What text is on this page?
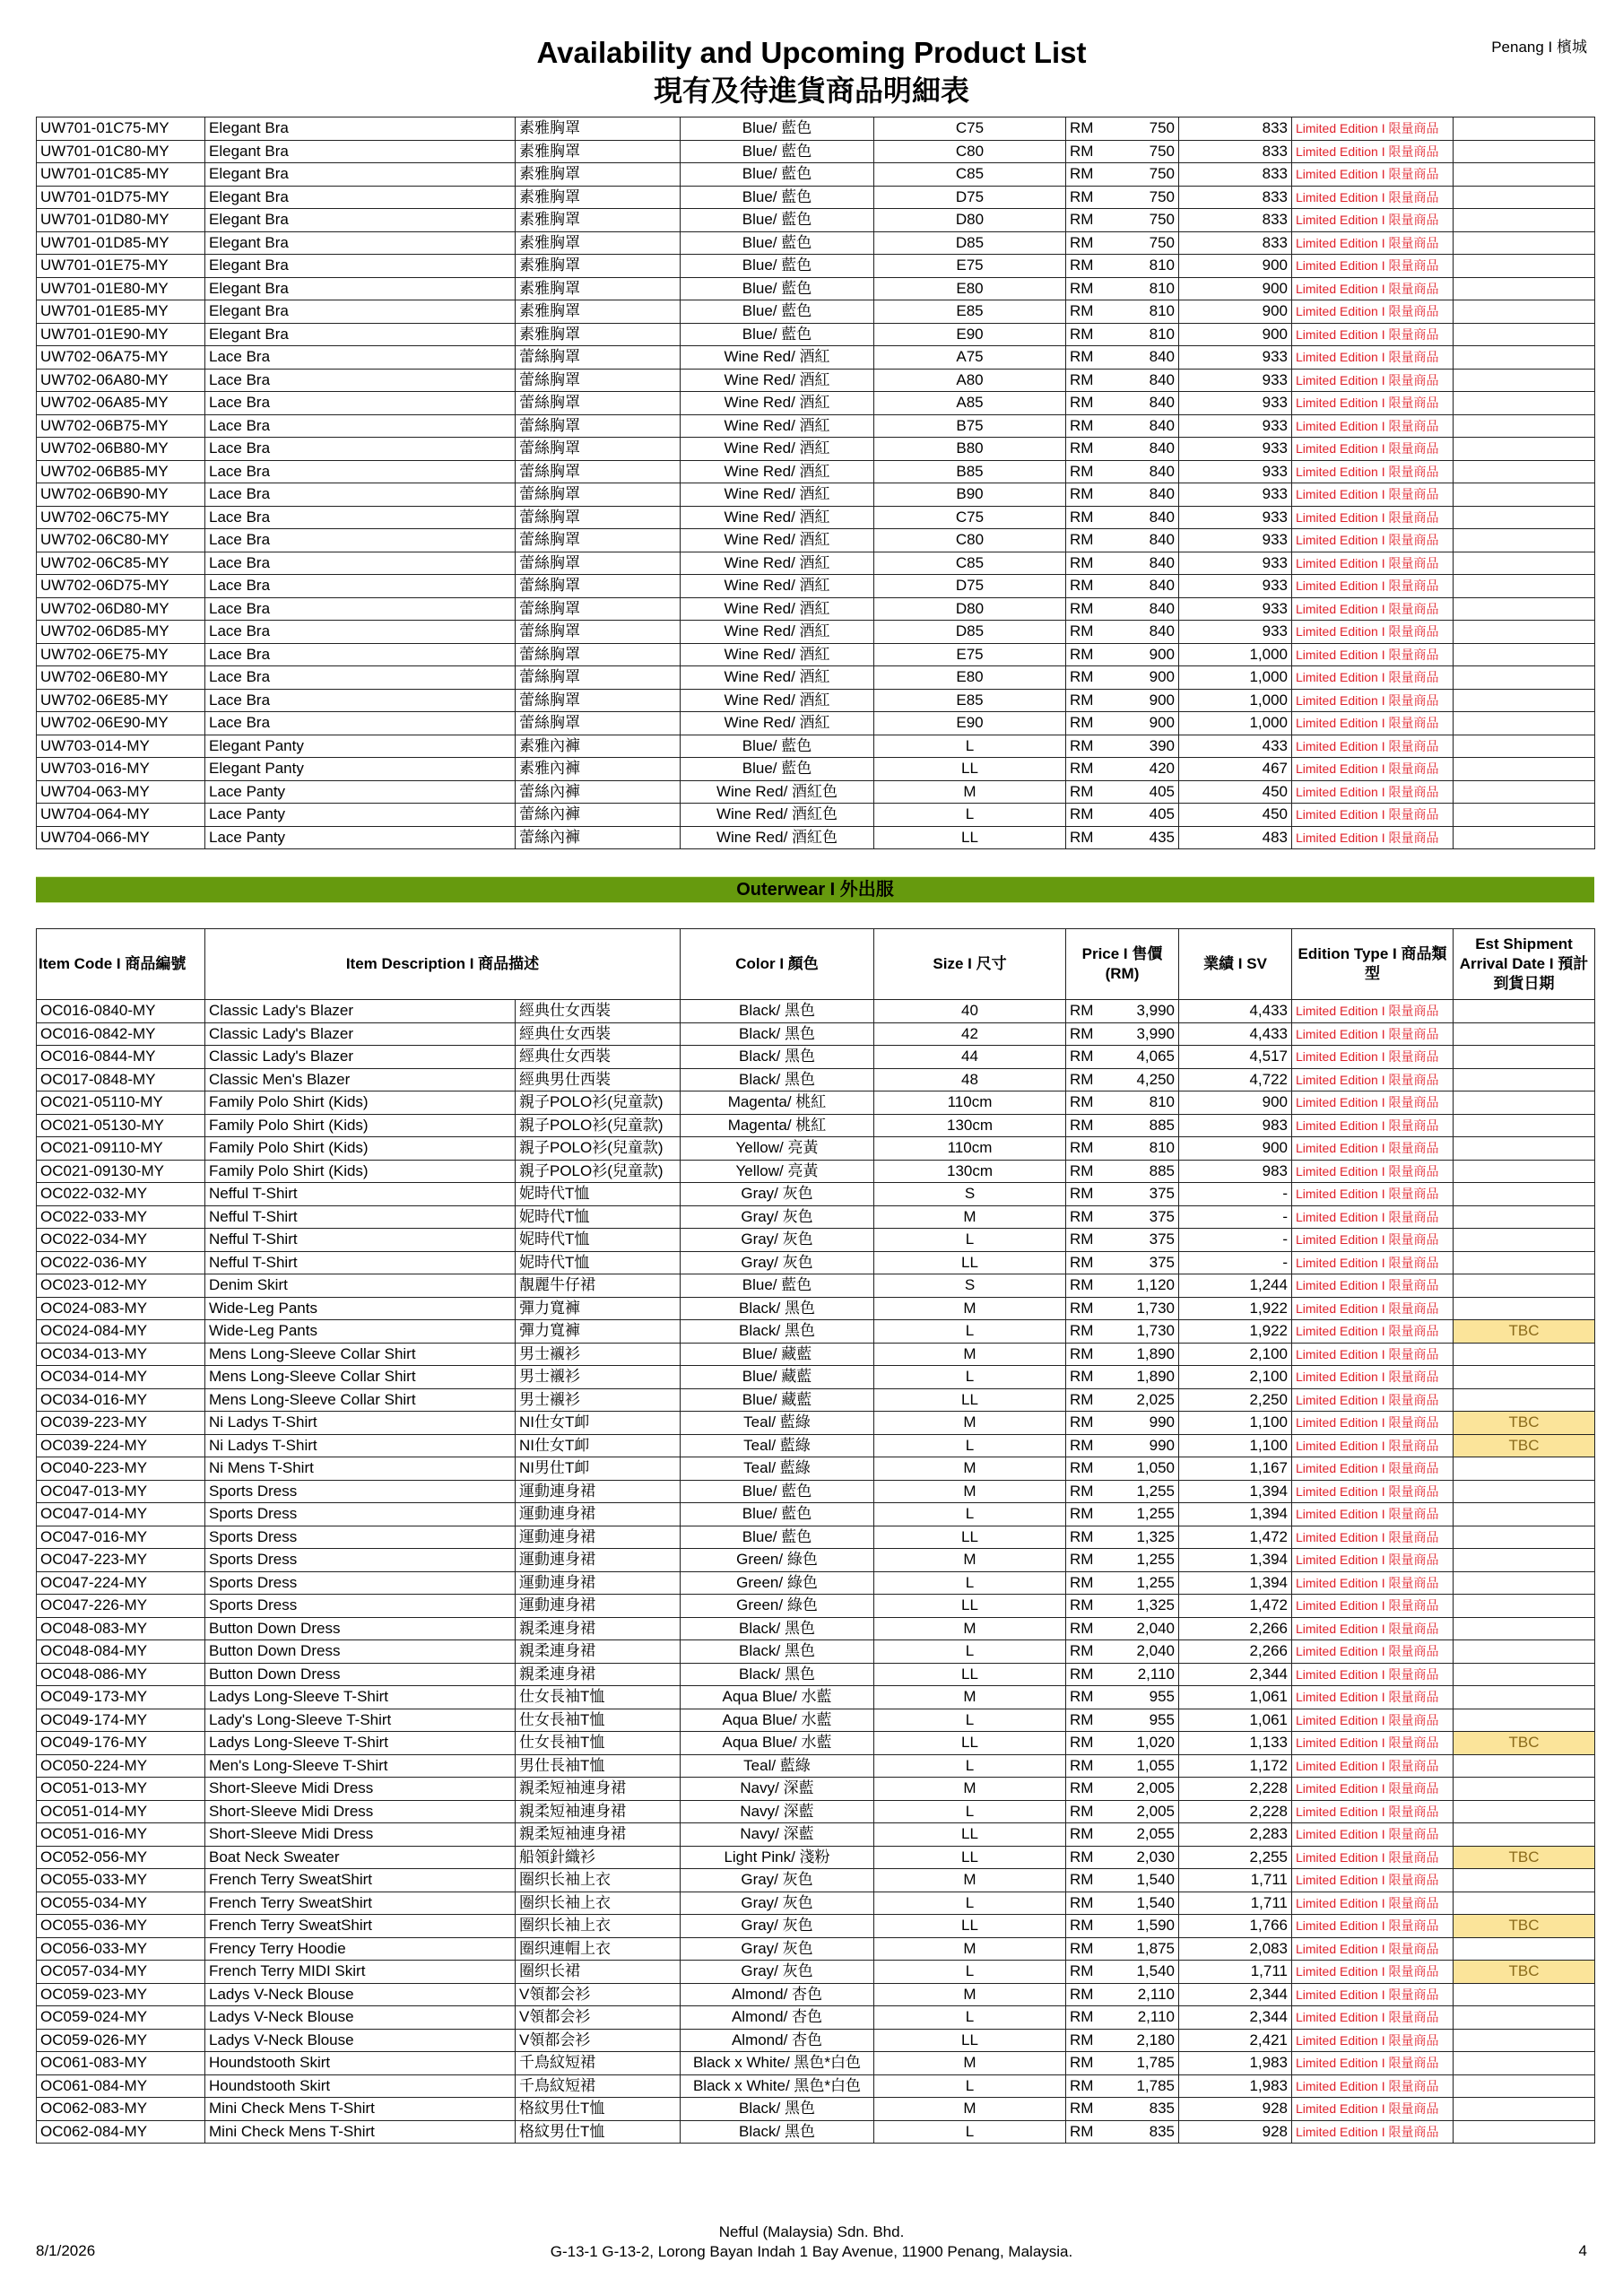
Availability and Upcoming Product List
現有及待進貨商品明細表
Penang I 檳城
UW701-01C75-MY	Elegant Bra	素雅胸罩	Blue/ 藍色	C75	RM	750	833	Limited Edition I 限量商品	
UW701-01C80-MY	Elegant Bra	素雅胸罩	Blue/ 藍色	C80	RM	750	833	Limited Edition I 限量商品	
UW701-01C85-MY	Elegant Bra	素雅胸罩	Blue/ 藍色	C85	RM	750	833	Limited Edition I 限量商品	
UW701-01D75-MY	Elegant Bra	素雅胸罩	Blue/ 藍色	D75	RM	750	833	Limited Edition I 限量商品	
UW701-01D80-MY	Elegant Bra	素雅胸罩	Blue/ 藍色	D80	RM	750	833	Limited Edition I 限量商品	
UW701-01D85-MY	Elegant Bra	素雅胸罩	Blue/ 藍色	D85	RM	750	833	Limited Edition I 限量商品	
UW701-01E75-MY	Elegant Bra	素雅胸罩	Blue/ 藍色	E75	RM	810	900	Limited Edition I 限量商品	
UW701-01E80-MY	Elegant Bra	素雅胸罩	Blue/ 藍色	E80	RM	810	900	Limited Edition I 限量商品	
UW701-01E85-MY	Elegant Bra	素雅胸罩	Blue/ 藍色	E85	RM	810	900	Limited Edition I 限量商品	
UW701-01E90-MY	Elegant Bra	素雅胸罩	Blue/ 藍色	E90	RM	810	900	Limited Edition I 限量商品	
UW702-06A75-MY	Lace Bra	蕾絲胸罩	Wine Red/ 酒紅	A75	RM	840	933	Limited Edition I 限量商品	
UW702-06A80-MY	Lace Bra	蕾絲胸罩	Wine Red/ 酒紅	A80	RM	840	933	Limited Edition I 限量商品	
UW702-06A85-MY	Lace Bra	蕾絲胸罩	Wine Red/ 酒紅	A85	RM	840	933	Limited Edition I 限量商品	
UW702-06B75-MY	Lace Bra	蕾絲胸罩	Wine Red/ 酒紅	B75	RM	840	933	Limited Edition I 限量商品	
UW702-06B80-MY	Lace Bra	蕾絲胸罩	Wine Red/ 酒紅	B80	RM	840	933	Limited Edition I 限量商品	
UW702-06B85-MY	Lace Bra	蕾絲胸罩	Wine Red/ 酒紅	B85	RM	840	933	Limited Edition I 限量商品	
UW702-06B90-MY	Lace Bra	蕾絲胸罩	Wine Red/ 酒紅	B90	RM	840	933	Limited Edition I 限量商品	
UW702-06C75-MY	Lace Bra	蕾絲胸罩	Wine Red/ 酒紅	C75	RM	840	933	Limited Edition I 限量商品	
UW702-06C80-MY	Lace Bra	蕾絲胸罩	Wine Red/ 酒紅	C80	RM	840	933	Limited Edition I 限量商品	
UW702-06C85-MY	Lace Bra	蕾絲胸罩	Wine Red/ 酒紅	C85	RM	840	933	Limited Edition I 限量商品	
UW702-06D75-MY	Lace Bra	蕾絲胸罩	Wine Red/ 酒紅	D75	RM	840	933	Limited Edition I 限量商品	
UW702-06D80-MY	Lace Bra	蕾絲胸罩	Wine Red/ 酒紅	D80	RM	840	933	Limited Edition I 限量商品	
UW702-06D85-MY	Lace Bra	蕾絲胸罩	Wine Red/ 酒紅	D85	RM	840	933	Limited Edition I 限量商品	
UW702-06E75-MY	Lace Bra	蕾絲胸罩	Wine Red/ 酒紅	E75	RM	900	1,000	Limited Edition I 限量商品	
UW702-06E80-MY	Lace Bra	蕾絲胸罩	Wine Red/ 酒紅	E80	RM	900	1,000	Limited Edition I 限量商品	
UW702-06E85-MY	Lace Bra	蕾絲胸罩	Wine Red/ 酒紅	E85	RM	900	1,000	Limited Edition I 限量商品	
UW702-06E90-MY	Lace Bra	蕾絲胸罩	Wine Red/ 酒紅	E90	RM	900	1,000	Limited Edition I 限量商品	
UW703-014-MY	Elegant Panty	素雅內褲	Blue/ 藍色	L	RM	390	433	Limited Edition I 限量商品	
UW703-016-MY	Elegant Panty	素雅內褲	Blue/ 藍色	LL	RM	420	467	Limited Edition I 限量商品	
UW704-063-MY	Lace Panty	蕾絲內褲	Wine Red/ 酒紅色	M	RM	405	450	Limited Edition I 限量商品	
UW704-064-MY	Lace Panty	蕾絲內褲	Wine Red/ 酒紅色	L	RM	405	450	Limited Edition I 限量商品	
UW704-066-MY	Lace Panty	蕾絲內褲	Wine Red/ 酒紅色	LL	RM	435	483	Limited Edition I 限量商品	
Outerwear I 外出服
Item Code I 商品編號	Item Description I 商品描述		Color I 顏色	Size I 尺寸	Price I 售價 (RM)		業績 I SV	Edition Type I 商品類型	Est Shipment Arrival Date I 預計到貨日期
OC016-0840-MY	Classic Lady's Blazer	經典仕女西裝	Black/ 黑色	40	RM	3,990	4,433	Limited Edition I 限量商品	
OC016-0842-MY	Classic Lady's Blazer	經典仕女西裝	Black/ 黑色	42	RM	3,990	4,433	Limited Edition I 限量商品	
OC016-0844-MY	Classic Lady's Blazer	經典仕女西裝	Black/ 黑色	44	RM	4,065	4,517	Limited Edition I 限量商品	
OC017-0848-MY	Classic Men's Blazer	經典男仕西裝	Black/ 黑色	48	RM	4,250	4,722	Limited Edition I 限量商品	
OC021-05110-MY	Family Polo Shirt (Kids)	親子POLO衫(兒童款)	Magenta/ 桃紅	110cm	RM	810	900	Limited Edition I 限量商品	
OC021-05130-MY	Family Polo Shirt (Kids)	親子POLO衫(兒童款)	Magenta/ 桃紅	130cm	RM	885	983	Limited Edition I 限量商品	
OC021-09110-MY	Family Polo Shirt (Kids)	親子POLO衫(兒童款)	Yellow/ 亮黃	110cm	RM	810	900	Limited Edition I 限量商品	
OC021-09130-MY	Family Polo Shirt (Kids)	親子POLO衫(兒童款)	Yellow/ 亮黃	130cm	RM	885	983	Limited Edition I 限量商品	
OC022-032-MY	Nefful T-Shirt	妮時代T恤	Gray/ 灰色	S	RM	375	-	Limited Edition I 限量商品	
OC022-033-MY	Nefful T-Shirt	妮時代T恤	Gray/ 灰色	M	RM	375	-	Limited Edition I 限量商品	
OC022-034-MY	Nefful T-Shirt	妮時代T恤	Gray/ 灰色	L	RM	375	-	Limited Edition I 限量商品	
OC022-036-MY	Nefful T-Shirt	妮時代T恤	Gray/ 灰色	LL	RM	375	-	Limited Edition I 限量商品	
OC023-012-MY	Denim Skirt	靚麗牛仔裙	Blue/ 藍色	S	RM	1,120	1,244	Limited Edition I 限量商品	
OC024-083-MY	Wide-Leg Pants	彈力寬褲	Black/ 黑色	M	RM	1,730	1,922	Limited Edition I 限量商品	
OC024-084-MY	Wide-Leg Pants	彈力寬褲	Black/ 黑色	L	RM	1,730	1,922	Limited Edition I 限量商品	TBC
OC034-013-MY	Mens Long-Sleeve Collar Shirt	男士襯衫	Blue/ 藏藍	M	RM	1,890	2,100	Limited Edition I 限量商品	
OC034-014-MY	Mens Long-Sleeve Collar Shirt	男士襯衫	Blue/ 藏藍	L	RM	1,890	2,100	Limited Edition I 限量商品	
OC034-016-MY	Mens Long-Sleeve Collar Shirt	男士襯衫	Blue/ 藏藍	LL	RM	2,025	2,250	Limited Edition I 限量商品	
OC039-223-MY	Ni Ladys T-Shirt	NI仕女T卹	Teal/ 藍綠	M	RM	990	1,100	Limited Edition I 限量商品	TBC
OC039-224-MY	Ni Ladys T-Shirt	NI仕女T卹	Teal/ 藍綠	L	RM	990	1,100	Limited Edition I 限量商品	TBC
OC040-223-MY	Ni Mens T-Shirt	NI男仕T卹	Teal/ 藍綠	M	RM	1,050	1,167	Limited Edition I 限量商品	
OC047-013-MY	Sports Dress	運動連身裙	Blue/ 藍色	M	RM	1,255	1,394	Limited Edition I 限量商品	
OC047-014-MY	Sports Dress	運動連身裙	Blue/ 藍色	L	RM	1,255	1,394	Limited Edition I 限量商品	
OC047-016-MY	Sports Dress	運動連身裙	Blue/ 藍色	LL	RM	1,325	1,472	Limited Edition I 限量商品	
OC047-223-MY	Sports Dress	運動連身裙	Green/ 綠色	M	RM	1,255	1,394	Limited Edition I 限量商品	
OC047-224-MY	Sports Dress	運動連身裙	Green/ 綠色	L	RM	1,255	1,394	Limited Edition I 限量商品	
OC047-226-MY	Sports Dress	運動連身裙	Green/ 綠色	LL	RM	1,325	1,472	Limited Edition I 限量商品	
OC048-083-MY	Button Down Dress	親柔連身裙	Black/ 黑色	M	RM	2,040	2,266	Limited Edition I 限量商品	
OC048-084-MY	Button Down Dress	親柔連身裙	Black/ 黑色	L	RM	2,040	2,266	Limited Edition I 限量商品	
OC048-086-MY	Button Down Dress	親柔連身裙	Black/ 黑色	LL	RM	2,110	2,344	Limited Edition I 限量商品	
OC049-173-MY	Ladys Long-Sleeve T-Shirt	仕女長袖T恤	Aqua Blue/ 水藍	M	RM	955	1,061	Limited Edition I 限量商品	
OC049-174-MY	Lady's Long-Sleeve T-Shirt	仕女長袖T恤	Aqua Blue/ 水藍	L	RM	955	1,061	Limited Edition I 限量商品	
OC049-176-MY	Ladys Long-Sleeve T-Shirt	仕女長袖T恤	Aqua Blue/ 水藍	LL	RM	1,020	1,133	Limited Edition I 限量商品	TBC
OC050-224-MY	Men's Long-Sleeve T-Shirt	男仕長袖T恤	Teal/ 藍綠	L	RM	1,055	1,172	Limited Edition I 限量商品	
OC051-013-MY	Short-Sleeve Midi Dress	親柔短袖連身裙	Navy/ 深藍	M	RM	2,005	2,228	Limited Edition I 限量商品	
OC051-014-MY	Short-Sleeve Midi Dress	親柔短袖連身裙	Navy/ 深藍	L	RM	2,005	2,228	Limited Edition I 限量商品	
OC051-016-MY	Short-Sleeve Midi Dress	親柔短袖連身裙	Navy/ 深藍	LL	RM	2,055	2,283	Limited Edition I 限量商品	
OC052-056-MY	Boat Neck Sweater	船領針織衫	Light Pink/ 淺粉	LL	RM	2,030	2,255	Limited Edition I 限量商品	TBC
OC055-033-MY	French Terry SweatShirt	圈织长袖上衣	Gray/ 灰色	M	RM	1,540	1,711	Limited Edition I 限量商品	
OC055-034-MY	French Terry SweatShirt	圈织长袖上衣	Gray/ 灰色	L	RM	1,540	1,711	Limited Edition I 限量商品	
OC055-036-MY	French Terry SweatShirt	圈织长袖上衣	Gray/ 灰色	LL	RM	1,590	1,766	Limited Edition I 限量商品	TBC
OC056-033-MY	Frency Terry Hoodie	圈织連帽上衣	Gray/ 灰色	M	RM	1,875	2,083	Limited Edition I 限量商品	
OC057-034-MY	French Terry MIDI Skirt	圈织长裙	Gray/ 灰色	L	RM	1,540	1,711	Limited Edition I 限量商品	TBC
OC059-023-MY	Ladys V-Neck Blouse	V領都会衫	Almond/ 杏色	M	RM	2,110	2,344	Limited Edition I 限量商品	
OC059-024-MY	Ladys V-Neck Blouse	V領都会衫	Almond/ 杏色	L	RM	2,110	2,344	Limited Edition I 限量商品	
OC059-026-MY	Ladys V-Neck Blouse	V領都会衫	Almond/ 杏色	LL	RM	2,180	2,421	Limited Edition I 限量商品	
OC061-083-MY	Houndstooth Skirt	千鳥紋短裙	Black x White/ 黑色*白色	M	RM	1,785	1,983	Limited Edition I 限量商品	
OC061-084-MY	Houndstooth Skirt	千鳥紋短裙	Black x White/ 黑色*白色	L	RM	1,785	1,983	Limited Edition I 限量商品	
OC062-083-MY	Mini Check Mens T-Shirt	格紋男仕T恤	Black/ 黑色	M	RM	835	928	Limited Edition I 限量商品	
OC062-084-MY	Mini Check Mens T-Shirt	格紋男仕T恤	Black/ 黑色	L	RM	835	928	Limited Edition I 限量商品	
8/1/2026
Nefful (Malaysia) Sdn. Bhd.
G-13-1 G-13-2, Lorong Bayan Indah 1 Bay Avenue, 11900 Penang, Malaysia.	4
